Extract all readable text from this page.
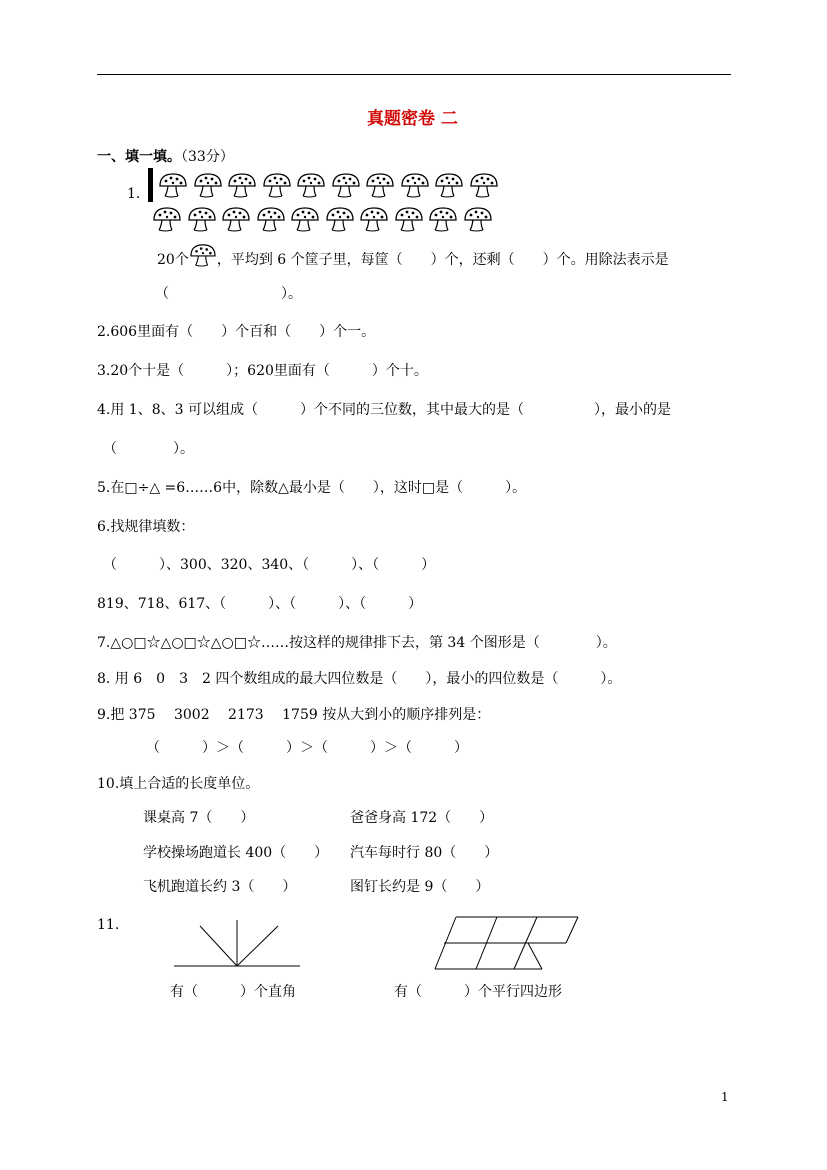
真题密卷 二
一、填一填。（33分）
1.
20个 ，平均到 6 个筐子里，每筐（　　）个，还剩（　　）个。用除法表示是
（　　　　　　　　）。
2.606里面有（　　）个百和（　　）个一。
3.20个十是（　　　）；620里面有（　　　）个十。
4.用 1、8、3 可以组成（　　　）个不同的三位数，其中最大的是（　　　　　），最小的是
（　　　　）。
5.在□÷△ =6……6中，除数△最小是（　　），这时□是（　　　）。
6.找规律填数：
（　　　）、300、320、340、（　　　）、（　　　）
819、718、617、（　　　）、（　　　）、（　　　）
7.△○□☆△○□☆△○□☆……按这样的规律排下去，第 34 个图形是（　　　　）。
8. 用 6　0　3　2 四个数组成的最大四位数是（　　），最小的四位数是（　　　）。
9.把 375　 3002　 2173　 1759 按从大到小的顺序排列是：
（　　　）＞（　　　）＞（　　　）＞（　　　）
10.填上合适的长度单位。
课桌高 7（　　）	爸爸身高 172（　　）
学校操场跑道长 400（　　） 汽车每时行 80（　　）
飞机跑道长约 3（　　）	图钉长约是 9（　　）
11.
有（　　　）个直角	有（　　　）个平行四边形
1
